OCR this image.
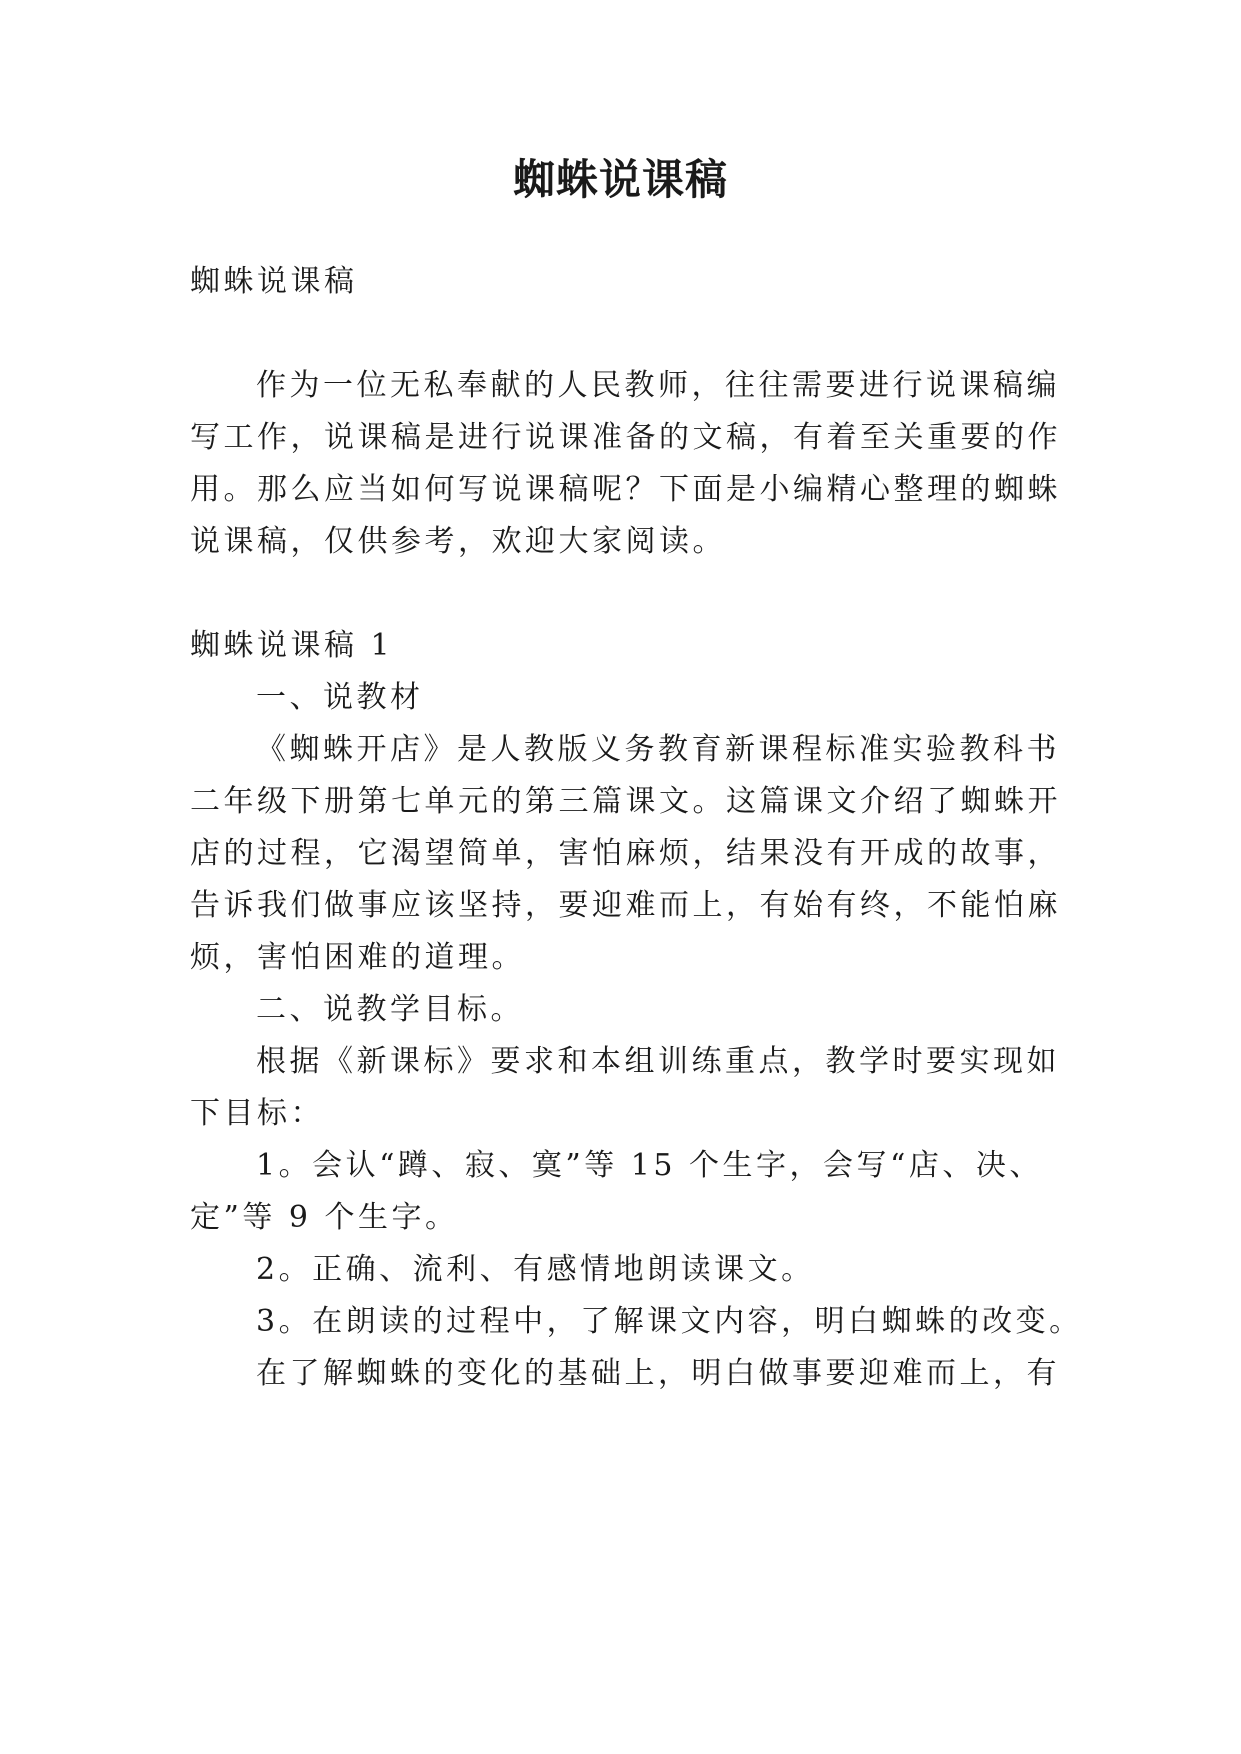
蜘蛛说课稿
蜘蛛说课稿
作为一位无私奉献的人民教师，往往需要进行说课稿编
写工作，说课稿是进行说课准备的文稿，有着至关重要的作
用。那么应当如何写说课稿呢？下面是小编精心整理的蜘蛛
说课稿，仅供参考，欢迎大家阅读。
蜘蛛说课稿 1
一、说教材
《蜘蛛开店》是人教版义务教育新课程标准实验教科书
二年级下册第七单元的第三篇课文。这篇课文介绍了蜘蛛开
店的过程，它渴望简单，害怕麻烦，结果没有开成的故事，
告诉我们做事应该坚持，要迎难而上，有始有终，不能怕麻
烦，害怕困难的道理。
二、说教学目标。
根据《新课标》要求和本组训练重点，教学时要实现如
下目标：
1。会认“蹲、寂、寞”等 15 个生字，会写“店、决、
定”等 9 个生字。
2。正确、流利、有感情地朗读课文。
3。在朗读的过程中，了解课文内容，明白蜘蛛的改变。
在了解蜘蛛的变化的基础上，明白做事要迎难而上，有
